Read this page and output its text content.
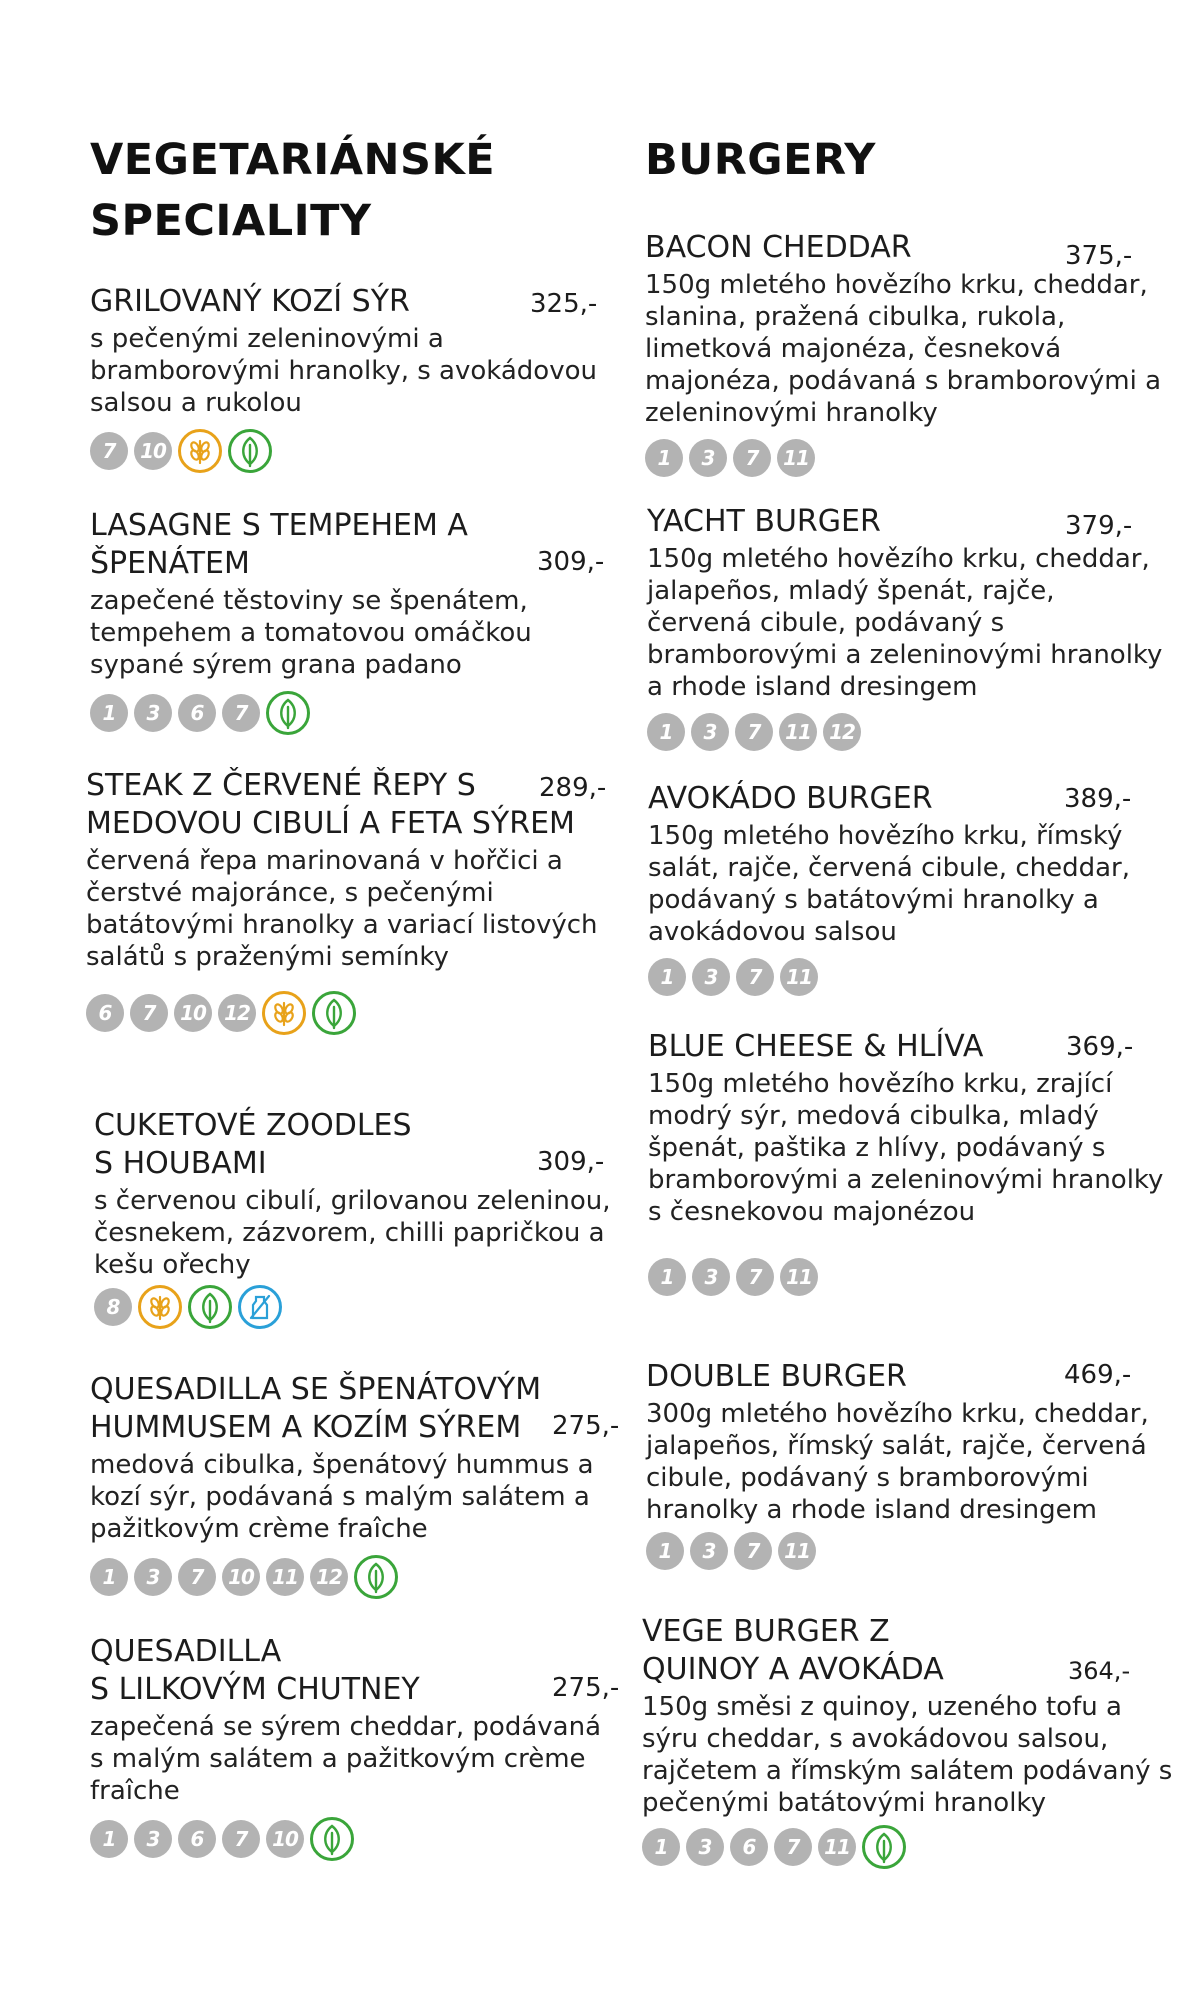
VEGETARIÁNSKÉ
SPECIALITY
GRILOVANÝ KOZÍ SÝR	325,-
s pečenými zeleninovými a bramborovými hranolky, s avokádovou salsou a rukolou
7	10
LASAGNE S TEMPEHEM A
ŠPENÁTEM	309,-
zapečené těstoviny se špenátem, tempehem a tomatovou omáčkou sypané sýrem grana padano
1	3	6	7
STEAK Z ČERVENÉ ŘEPY S
MEDOVOU CIBULÍ A FETA SÝREM
289,-
červená řepa marinovaná v hořčici a čerstvé majoránce, s pečenými batátovými hranolky a variací listových salátů s praženými semínky
6	7	10 12
CUKETOVÉ ZOODLES
S HOUBAMI	309,-
s červenou cibulí, grilovanou zeleninou, česnekem, zázvorem, chilli papričkou a kešu ořechy
8
QUESADILLA SE ŠPENÁTOVÝM
HUMMUSEM A KOZÍM SÝREM	275,-
medová cibulka, špenátový hummus a kozí sýr, podávaná s malým salátem a pažitkovým crème fraîche
1	3	7	10 11 12
QUESADILLA
S LILKOVÝM CHUTNEY	275,-
zapečená se sýrem cheddar, podávaná s malým salátem a pažitkovým crème fraîche
1	3	6	7	10
BURGERY
BACON CHEDDAR	375,-
150g mletého hovězího krku, cheddar, slanina, pražená cibulka, rukola, limetková majonéza, česneková majonéza, podávaná s bramborovými a zeleninovými hranolky
1	3	7	11
YACHT BURGER	379,-
150g mletého hovězího krku, cheddar, jalapeños, mladý špenát, rajče, červená cibule, podávaný s bramborovými a zeleninovými hranolky a rhode island dresingem
1	3	7	11 12
AVOKÁDO BURGER	389,-
150g mletého hovězího krku, římský salát, rajče, červená cibule, cheddar, podávaný s batátovými hranolky a avokádovou salsou
1	3	7	11
BLUE CHEESE & HLÍVA	369,-
150g mletého hovězího krku, zrající modrý sýr, medová cibulka, mladý špenát, paštika z hlívy, podávaný s bramborovými a zeleninovými hranolky s česnekovou majonézou
1	3	7	11
DOUBLE BURGER	469,-
300g mletého hovězího krku, cheddar, jalapeños, římský salát, rajče, červená cibule, podávaný s bramborovými hranolky a rhode island dresingem
1	3	7	11
VEGE BURGER Z
QUINOY A AVOKÁDA	364,-
150g směsi z quinoy, uzeného tofu a sýru cheddar, s avokádovou salsou, rajčetem a římským salátem podávaný s pečenými batátovými hranolky
1	3	6	7	11
